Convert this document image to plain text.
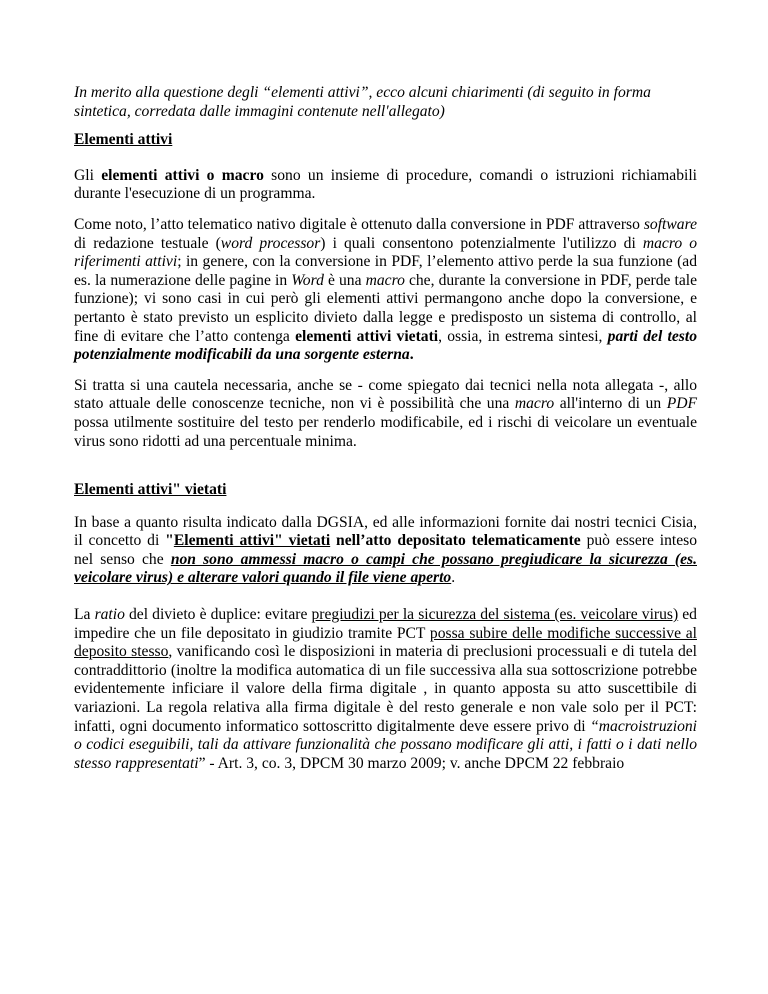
In merito alla questione degli “elementi attivi”, ecco alcuni chiarimenti (di seguito in forma sintetica, corredata dalle immagini contenute nell'allegato)

Elementi attivi

Gli elementi attivi o macro sono un insieme di procedure, comandi o istruzioni richiamabili durante l'esecuzione di un programma.

Come noto, l’atto telematico nativo digitale è ottenuto dalla conversione in PDF attraverso software di redazione testuale (word processor) i quali consentono potenzialmente l'utilizzo di macro o riferimenti attivi; in genere, con la conversione in PDF, l’elemento attivo perde la sua funzione (ad es. la numerazione delle pagine in Word è una macro che, durante la conversione in PDF, perde tale funzione); vi sono casi in cui però gli elementi attivi permangono anche dopo la conversione, e pertanto è stato previsto un esplicito divieto dalla legge e predisposto un sistema di controllo, al fine di evitare che l’atto contenga elementi attivi vietati, ossia, in estrema sintesi, parti del testo potenzialmente modificabili da una sorgente esterna.

Si tratta si una cautela necessaria, anche se - come spiegato dai tecnici nella nota allegata -, allo stato attuale delle conoscenze tecniche, non vi è possibilità che una macro all'interno di un PDF possa utilmente sostituire del testo per renderlo modificabile, ed i rischi di veicolare un eventuale virus sono ridotti ad una percentuale minima.

Elementi attivi" vietati

In base a quanto risulta indicato dalla DGSIA, ed alle informazioni fornite dai nostri tecnici Cisia, il concetto di "Elementi attivi" vietati nell’atto depositato telematicamente può essere inteso nel senso che non sono ammessi macro o campi che possano pregiudicare la sicurezza (es. veicolare virus) e alterare valori quando il file viene aperto.

La ratio del divieto è duplice: evitare pregiudizi per la sicurezza del sistema (es. veicolare virus) ed impedire che un file depositato in giudizio tramite PCT possa subire delle modifiche successive al deposito stesso, vanificando così le disposizioni in materia di preclusioni processuali e di tutela del contraddittorio (inoltre la modifica automatica di un file successiva alla sua sottoscrizione potrebbe evidentemente inficiare il valore della firma digitale , in quanto apposta su atto suscettibile di variazioni. La regola relativa alla firma digitale è del resto generale e non vale solo per il PCT: infatti, ogni documento informatico sottoscritto digitalmente deve essere privo di “macroistruzioni o codici eseguibili, tali da attivare funzionalità che possano modificare gli atti, i fatti o i dati nello stesso rappresentati” - Art. 3, co. 3, DPCM 30 marzo 2009; v. anche DPCM 22 febbraio
